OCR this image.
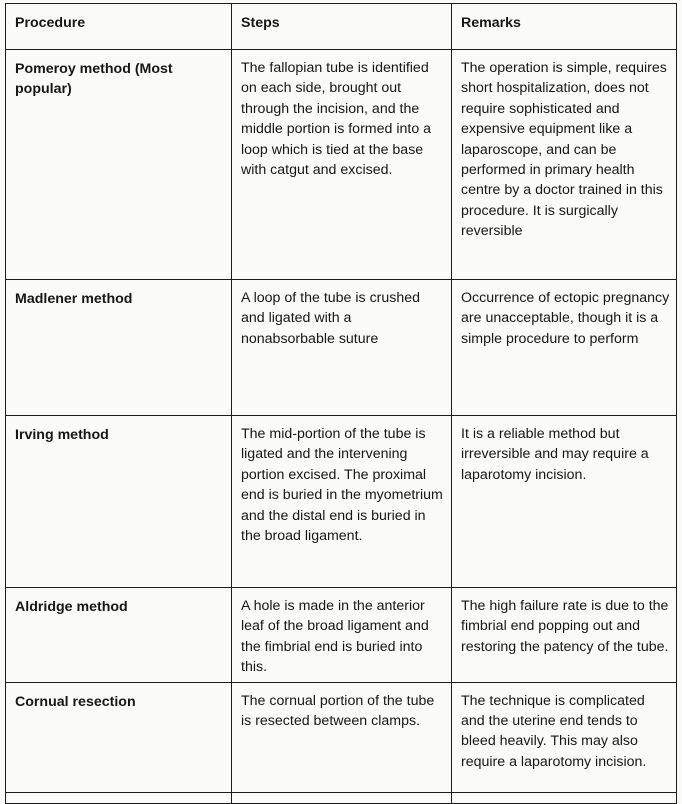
Procedure	Steps	Remarks
Pomeroy method (Most popular)	The fallopian tube is identified on each side, brought out through the incision, and the middle portion is formed into a loop which is tied at the base with catgut and excised.	The operation is simple, requires short hospitalization, does not require sophisticated and expensive equipment like a laparoscope, and can be performed in primary health centre by a doctor trained in this procedure. It is surgically reversible
Madlener method	A loop of the tube is crushed and ligated with a nonabsorbable suture	Occurrence of ectopic pregnancy are unacceptable, though it is a simple procedure to perform
Irving method	The mid-portion of the tube is ligated and the intervening portion excised. The proximal end is buried in the myometrium and the distal end is buried in the broad ligament.	It is a reliable method but irreversible and may require a laparotomy incision.
Aldridge method	A hole is made in the anterior leaf of the broad ligament and the fimbrial end is buried into this.	The high failure rate is due to the fimbrial end popping out and restoring the patency of the tube.
Cornual resection	The cornual portion of the tube is resected between clamps.	The technique is complicated and the uterine end tends to bleed heavily. This may also require a laparotomy incision.
